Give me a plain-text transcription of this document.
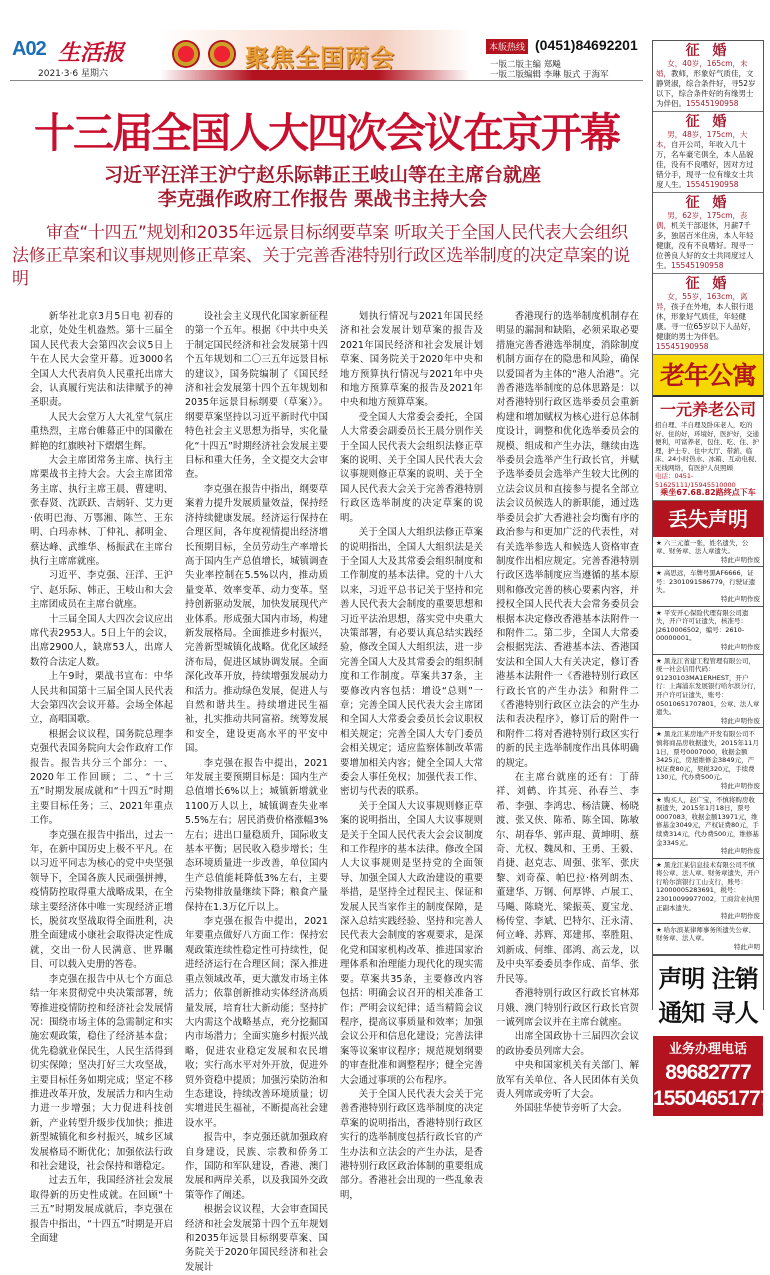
A02 生活报
2021·3·6 星期六
聚焦全国两会	本版热线 (0451)84692201
一版二版主编 郑飚
一版二版编辑 李琳 版式 于海军
十三届全国人大四次会议在京开幕
习近平汪洋王沪宁赵乐际韩正王岐山等在主席台就座
李克强作政府工作报告 栗战书主持大会
审查“十四五”规划和2035年远景目标纲要草案 听取关于全国人民代表大会组织法修正草案和议事规则修正草案、关于完善香港特别行政区选举制度的决定草案的说明

新华社北京3月5日电 初春的北京，处处生机盎然。第十三届全国人民代表大会第四次会议5日上午在人民大会堂开幕。近3000名全国人大代表肩负人民重托出席大会，认真履行宪法和法律赋予的神圣职责。

人民大会堂万人大礼堂气氛庄重热烈，主席台帷幕正中的国徽在鲜艳的红旗映衬下熠熠生辉。

大会主席团常务主席、执行主席栗战书主持大会。大会主席团常务主席、执行主席王晨、曹建明、张春贤、沈跃跃、吉炳轩、艾力更·依明巴海、万鄂湘、陈竺、王东明、白玛赤林、丁仲礼、郝明金、蔡达峰、武维华、杨振武在主席台执行主席席就座。

习近平、李克强、汪洋、王沪宁、赵乐际、韩正、王岐山和大会主席团成员在主席台就座。

十三届全国人大四次会议应出席代表2953人。5日上午的会议，出席2900人，缺席53人，出席人数符合法定人数。

上午9时，栗战书宣布：中华人民共和国第十三届全国人民代表大会第四次会议开幕。会场全体起立，高唱国歌。

根据会议议程，国务院总理李克强代表国务院向大会作政府工作报告。报告共分三个部分：一、2020年工作回顾；二、“十三五”时期发展成就和“十四五”时期主要目标任务；三、2021年重点工作。

李克强在报告中指出，过去一年，在新中国历史上极不平凡。在以习近平同志为核心的党中央坚强领导下，全国各族人民顽强拼搏，疫情防控取得重大战略成果，在全球主要经济体中唯一实现经济正增长，脱贫攻坚战取得全面胜利，决胜全面建成小康社会取得决定性成就，交出一份人民满意、世界瞩目、可以载入史册的答卷。

李克强在报告中从七个方面总结一年来贯彻党中央决策部署，统筹推进疫情防控和经济社会发展情况：围绕市场主体的急需制定和实施宏观政策，稳住了经济基本盘；优先稳就业保民生，人民生活得到切实保障；坚决打好三大攻坚战，主要目标任务如期完成；坚定不移推进改革开放，发展活力和内生动力进一步增强；大力促进科技创新，产业转型升级步伐加快；推进新型城镇化和乡村振兴，城乡区域发展格局不断优化；加强依法行政和社会建设，社会保持和谐稳定。

过去五年，我国经济社会发展取得新的历史性成就。在回顾“十三五”时期发展成就后，李克强在报告中指出，“十四五”时期是开启全面建

设社会主义现代化国家新征程的第一个五年。根据《中共中央关于制定国民经济和社会发展第十四个五年规划和二〇三五年远景目标的建议》，国务院编制了《国民经济和社会发展第十四个五年规划和2035年远景目标纲要（草案）》。纲要草案坚持以习近平新时代中国特色社会主义思想为指导，实化量化“十四五”时期经济社会发展主要目标和重大任务，全文提交大会审查。

李克强在报告中指出，纲要草案着力提升发展质量效益，保持经济持续健康发展。经济运行保持在合理区间，各年度视情提出经济增长预期目标，全员劳动生产率增长高于国内生产总值增长，城镇调查失业率控制在5.5%以内，推动质量变革、效率变革、动力变革。坚持创新驱动发展，加快发展现代产业体系。形成强大国内市场，构建新发展格局。全面推进乡村振兴，完善新型城镇化战略。优化区域经济布局，促进区域协调发展。全面深化改革开放，持续增强发展动力和活力。推动绿色发展，促进人与自然和谐共生。持续增进民生福祉，扎实推动共同富裕。统筹发展和安全，建设更高水平的平安中国。

李克强在报告中提出，2021年发展主要预期目标是：国内生产总值增长6%以上；城镇新增就业1100万人以上，城镇调查失业率5.5%左右；居民消费价格涨幅3%左右；进出口量稳质升，国际收支基本平衡；居民收入稳步增长；生态环境质量进一步改善，单位国内生产总值能耗降低3%左右，主要污染物排放量继续下降；粮食产量保持在1.3万亿斤以上。

李克强在报告中提出，2021年要重点做好八方面工作：保持宏观政策连续性稳定性可持续性，促进经济运行在合理区间；深入推进重点领域改革，更大激发市场主体活力；依靠创新推动实体经济高质量发展，培育壮大新动能；坚持扩大内需这个战略基点，充分挖掘国内市场潜力；全面实施乡村振兴战略，促进农业稳定发展和农民增收；实行高水平对外开放，促进外贸外资稳中提质；加强污染防治和生态建设，持续改善环境质量；切实增进民生福祉，不断提高社会建设水平。

报告中，李克强还就加强政府自身建设，民族、宗教和侨务工作，国防和军队建设，香港、澳门发展和两岸关系，以及我国外交政策等作了阐述。

根据会议议程，大会审查国民经济和社会发展第十四个五年规划和2035年远景目标纲要草案、国务院关于2020年国民经济和社会发展计

划执行情况与2021年国民经济和社会发展计划草案的报告及2021年国民经济和社会发展计划草案、国务院关于2020年中央和地方预算执行情况与2021年中央和地方预算草案的报告及2021年中央和地方预算草案。

受全国人大常委会委托，全国人大常委会副委员长王晨分别作关于全国人民代表大会组织法修正草案的说明、关于全国人民代表大会议事规则修正草案的说明、关于全国人民代表大会关于完善香港特别行政区选举制度的决定草案的说明。

关于全国人大组织法修正草案的说明指出，全国人大组织法是关于全国人大及其常委会组织制度和工作制度的基本法律。党的十八大以来，习近平总书记关于坚持和完善人民代表大会制度的重要思想和习近平法治思想，落实党中央重大决策部署，有必要认真总结实践经验，修改全国人大组织法，进一步完善全国人大及其常委会的组织制度和工作制度。草案共37条，主要修改内容包括：增设“总则”一章；完善全国人民代表大会主席团和全国人大常委会委员长会议职权相关规定；完善全国人大专门委员会相关规定；适应监察体制改革需要增加相关内容；健全全国人大常委会人事任免权；加强代表工作、密切与代表的联系。

关于全国人大议事规则修正草案的说明指出，全国人大议事规则是关于全国人民代表大会会议制度和工作程序的基本法律。修改全国人大议事规则是坚持党的全面领导、加强全国人大政治建设的重要举措，是坚持全过程民主、保证和发展人民当家作主的制度保障，是深入总结实践经验、坚持和完善人民代表大会制度的客观要求，是深化党和国家机构改革、推进国家治理体系和治理能力现代化的现实需要。草案共35条，主要修改内容包括：明确会议召开的相关准备工作；严明会议纪律；适当精简会议程序，提高议事质量和效率；加强会议公开和信息化建设；完善法律案等议案审议程序；规范规划纲要的审查批准和调整程序；健全完善大会通过事项的公布程序。

关于全国人民代表大会关于完善香港特别行政区选举制度的决定草案的说明指出，香港特别行政区实行的选举制度包括行政长官的产生办法和立法会的产生办法，是香港特别行政区政治体制的重要组成部分。香港社会出现的一些乱象表明，

香港现行的选举制度机制存在明显的漏洞和缺陷，必须采取必要措施完善香港选举制度，消除制度机制方面存在的隐患和风险，确保以爱国者为主体的“港人治港”。完善香港选举制度的总体思路是：以对香港特别行政区选举委员会重新构建和增加赋权为核心进行总体制度设计，调整和优化选举委员会的规模、组成和产生办法，继续由选举委员会选举产生行政长官，并赋予选举委员会选举产生较大比例的立法会议员和直接参与提名全部立法会议员候选人的新职能，通过选举委员会扩大香港社会均衡有序的政治参与和更加广泛的代表性，对有关选举参选人和候选人资格审查制度作出相应规定。完善香港特别行政区选举制度应当遵循的基本原则和修改完善的核心要素内容，并授权全国人民代表大会常务委员会根据本决定修改香港基本法附件一和附件二。第二步，全国人大常委会根据宪法、香港基本法、香港国安法和全国人大有关决定，修订香港基本法附件一《香港特别行政区行政长官的产生办法》和附件二《香港特别行政区立法会的产生办法和表决程序》，修订后的附件一和附件二将对香港特别行政区实行的新的民主选举制度作出具体明确的规定。

在主席台就座的还有：丁薛祥、刘鹤、许其亮、孙春兰、李希、李强、李鸿忠、杨洁篪、杨晓渡、张又侠、陈希、陈全国、陈敏尔、胡春华、郭声琨、黄坤明、蔡奇、尤权、魏凤和、王勇、王毅、肖捷、赵克志、周强、张军、张庆黎、刘奇葆、帕巴拉·格列朗杰、董建华、万钢、何厚铧、卢展工、马飚、陈晓光、梁振英、夏宝龙、杨传堂、李斌、巴特尔、汪永清、何立峰、苏辉、郑建邦、辜胜阻、刘新成、何维、邵鸿、高云龙，以及中央军委委员李作成、苗华、张升民等。

香港特别行政区行政长官林郑月娥、澳门特别行政区行政长官贺一诚列席会议并在主席台就座。

出席全国政协十三届四次会议的政协委员列席大会。

中央和国家机关有关部门、解放军有关单位、各人民团体有关负责人列席或旁听了大会。

外国驻华使节旁听了大会。

征 婚

女，40岁，165cm，未婚，教师，形象好气质佳，文静贤淑，综合条件好，寻52岁以下，综合条件好的有缘男士为伴侣。15545190958

征 婚

男，48岁，175cm，大本，自开公司，年收入几十万，名车豪宅俱全，本人品貌佳，没有不良嗜好，因对方过错分手，现寻一位有缘女士共度人生。15545190958

征 婚

男，62岁，175cm，丧偶，机关干部退休，月薪7千多，独居百米住房，本人年轻健康，没有不良嗜好。现寻一位善良人好的女士共同度过人生。15545190958

征 婚

女，55岁，163cm，离异，孩子在外地，本人银行退休，形象好气质佳，年轻健康。寻一位65岁以下人品好，健康的男士为伴侣。15545190958

老年公寓
一元养老公司

招自理、半自理及卧床老人，吃的好、住的好，环境好，医护好，交通便利，可富养老，包住、吃、住、护理，护士专、住中大厅、带薪、临床、24小时热水、冰箱、互动电视、无线网络，有医护人员照顾

电话：0451-51625111/15945510000

乘坐67.68.82路终点下车

丢失声明
★ 六三元董一张，姓名遗失，公章、财务章、法人章遗失。
特此声明作废
★ 高思远，车牌号黑AF6666，证号：2301091586779，行驶证遗失。
特此声明作废
★ 平安开心保险代理有限公司遗失，开户许可证遗失，核准号：J2610006502，编号：2610-00000001。
特此声明作废
★ 黑龙江省建工程管理有限公司，统一社会信用代码：91230103MA1ERHEST，开户行：上海浦东发展银行哈尔滨分行，开户许可证遗失，账号：05010651707801，公章、法人章遗失。
特此声明作废
★ 黑龙江某房地产开发有限公司不慎将商品房收据遗失，2015年11月1日，票号0007000，收据金额3425元，房屋维修金3849元，产权证费80元，契税320元，手续费130元，代办费500元。
特此声明作废
★ 购买人，赵广宝，不慎将购房收据遗失，2015年1月18日，票号0007083，收据金额13971元，维修基金3049元，产权证费80元，手续费314元，代办费500元，维修基金3345元。
特此声明作废
★ 黑龙江某信息技术有限公司不慎将公章、法人章、财务章遗失，开户行哈尔滨银行工山支行，账号：12000005283691，税号：23010099977002，工商营业执照正副本遗失。
特此声明作废
★ 哈尔滨某律师事务所遗失公章、财务章、法人章。
特此声明
声明 注销
通知 寻人
业务办理电话
89682777
15504651777
